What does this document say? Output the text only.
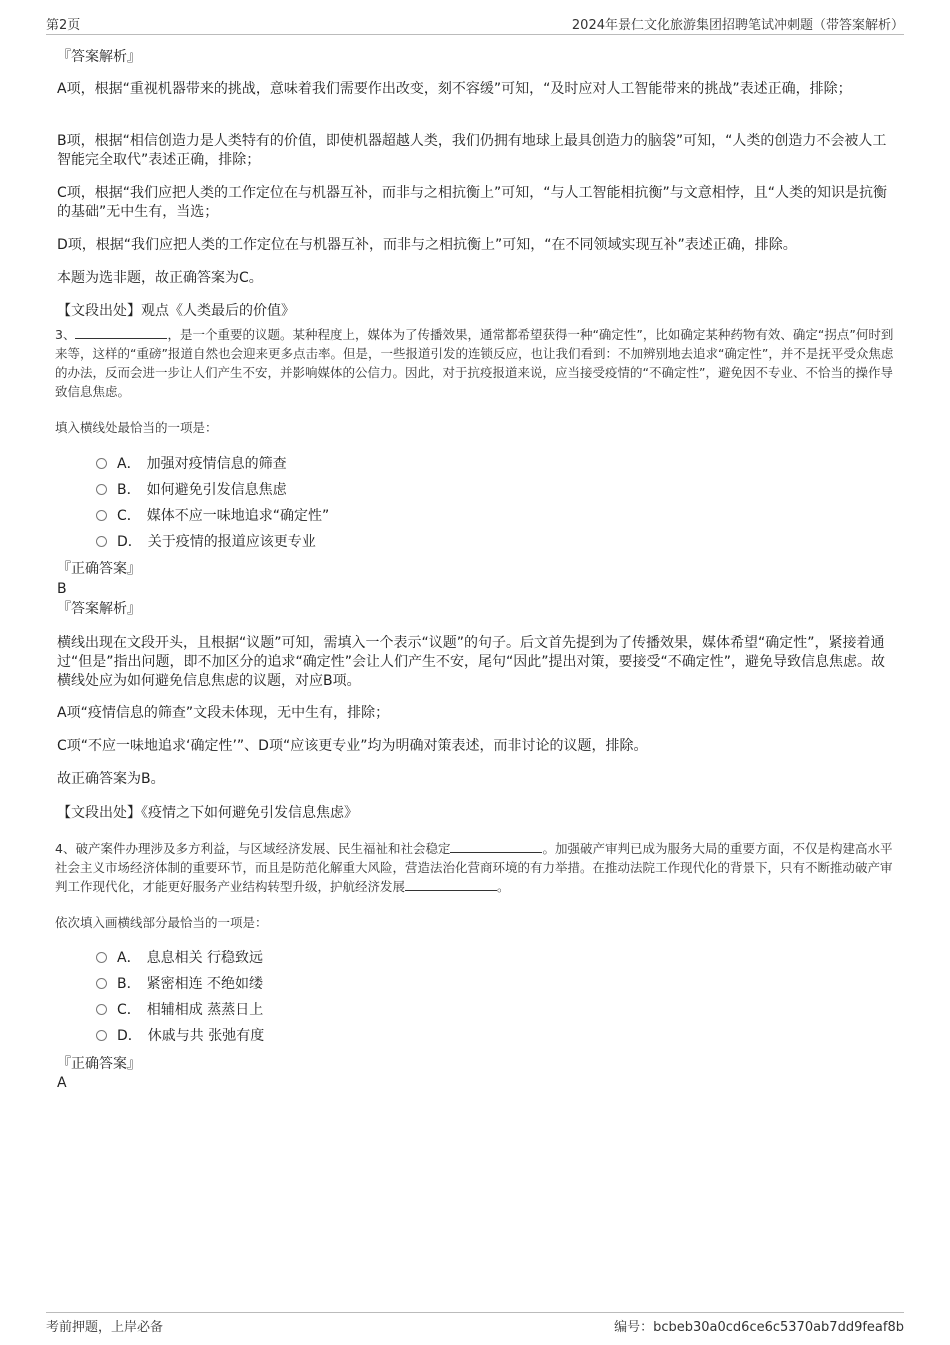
第2页	2024年景仁文化旅游集团招聘笔试冲刺题（带答案解析）
『答案解析』
A项，根据“重视机器带来的挑战，意味着我们需要作出改变，刻不容缓”可知，“及时应对人工智能带来的挑战”表述正确，排除；
B项，根据“相信创造力是人类特有的价值，即使机器超越人类，我们仍拥有地球上最具创造力的脑袋”可知，“人类的创造力不会被人工智能完全取代”表述正确，排除；
C项，根据“我们应把人类的工作定位在与机器互补，而非与之相抗衡上”可知，“与人工智能相抗衡”与文意相悖，且“人类的知识是抗衡的基础”无中生有，当选；
D项，根据“我们应把人类的工作定位在与机器互补，而非与之相抗衡上”可知，“在不同领域实现互补”表述正确，排除。
本题为选非题，故正确答案为C。
【文段出处】观点《人类最后的价值》
3、	，是一个重要的议题。某种程度上，媒体为了传播效果，通常都希望获得一种“确定性”，比如确定某种药物有效、确定“拐点”何时到来等，这样的“重磅”报道自然也会迎来更多点击率。但是，一些报道引发的连锁反应，也让我们看到：不加辨别地去追求“确定性”，并不是抚平受众焦虑的办法，反而会进一步让人们产生不安，并影响媒体的公信力。因此，对于抗疫报道来说，应当接受疫情的“不确定性”，避免因不专业、不恰当的操作导致信息焦虑。
填入横线处最恰当的一项是：
A． 加强对疫情信息的筛查
B． 如何避免引发信息焦虑
C． 媒体不应一味地追求“确定性”
D． 关于疫情的报道应该更专业
『正确答案』
B
『答案解析』
横线出现在文段开头，且根据“议题”可知，需填入一个表示“议题”的句子。后文首先提到为了传播效果，媒体希望“确定性”，紧接着通过“但是”指出问题，即不加区分的追求“确定性”会让人们产生不安，尾句“因此”提出对策，要接受“不确定性”，避免导致信息焦虑。故横线处应为如何避免信息焦虑的议题，对应B项。
A项“疫情信息的筛查”文段未体现，无中生有，排除；
C项“不应一味地追求‘确定性’”、D项“应该更专业”均为明确对策表述，而非讨论的议题，排除。
故正确答案为B。
【文段出处】《疫情之下如何避免引发信息焦虑》
4、破产案件办理涉及多方利益，与区域经济发展、民生福祉和社会稳定	。加强破产审判已成为服务大局的重要方面，不仅是构建高水平社会主义市场经济体制的重要环节，而且是防范化解重大风险，营造法治化营商环境的有力举措。在推动法院工作现代化的背景下，只有不断推动破产审判工作现代化，才能更好服务产业结构转型升级，护航经济发展	。
依次填入画横线部分最恰当的一项是：
A． 息息相关 行稳致远
B． 紧密相连 不绝如缕
C． 相辅相成 蒸蒸日上
D． 休戚与共 张弛有度
『正确答案』
A
考前押题，上岸必备	编号：bcbeb30a0cd6ce6c5370ab7dd9feaf8b
